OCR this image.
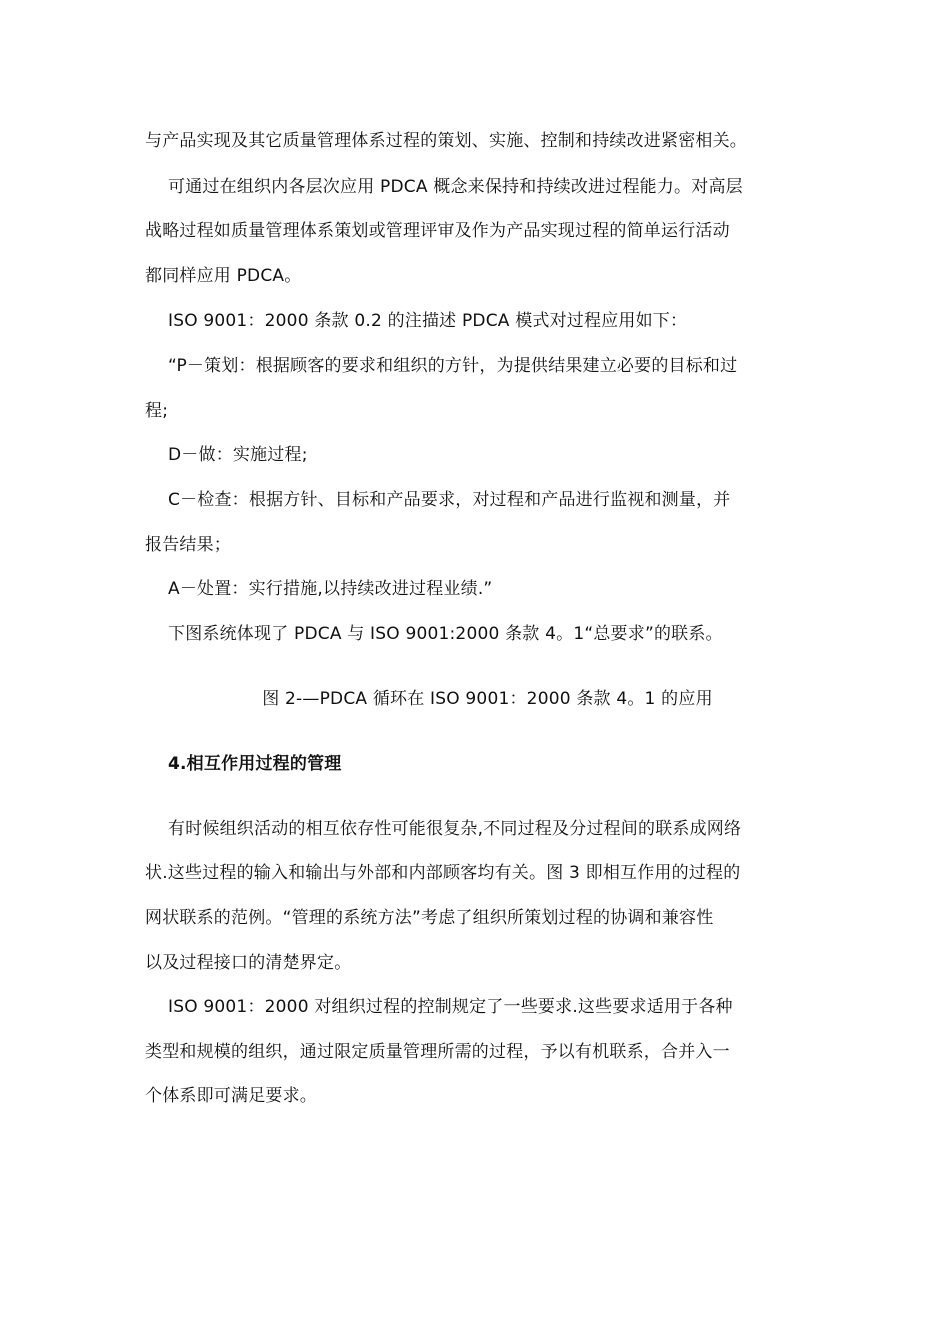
与产品实现及其它质量管理体系过程的策划、实施、控制和持续改进紧密相关。
可通过在组织内各层次应用 PDCA 概念来保持和持续改进过程能力。对高层
战略过程如质量管理体系策划或管理评审及作为产品实现过程的简单运行活动
都同样应用 PDCA。
ISO 9001：2000 条款 0.2 的注描述 PDCA 模式对过程应用如下：
“P－策划：根据顾客的要求和组织的方针，为提供结果建立必要的目标和过
程;
D－做：实施过程;
C－检查：根据方针、目标和产品要求，对过程和产品进行监视和测量，并
报告结果；
A－处置：实行措施,以持续改进过程业绩.”
下图系统体现了 PDCA 与 ISO 9001:2000 条款 4。1“总要求”的联系。
图 2-—PDCA 循环在 ISO 9001：2000 条款 4。1 的应用
4.相互作用过程的管理
有时候组织活动的相互依存性可能很复杂,不同过程及分过程间的联系成网络
状.这些过程的输入和输出与外部和内部顾客均有关。图 3 即相互作用的过程的
网状联系的范例。“管理的系统方法”考虑了组织所策划过程的协调和兼容性
以及过程接口的清楚界定。
ISO 9001：2000 对组织过程的控制规定了一些要求.这些要求适用于各种
类型和规模的组织，通过限定质量管理所需的过程，予以有机联系，合并入一
个体系即可满足要求。
